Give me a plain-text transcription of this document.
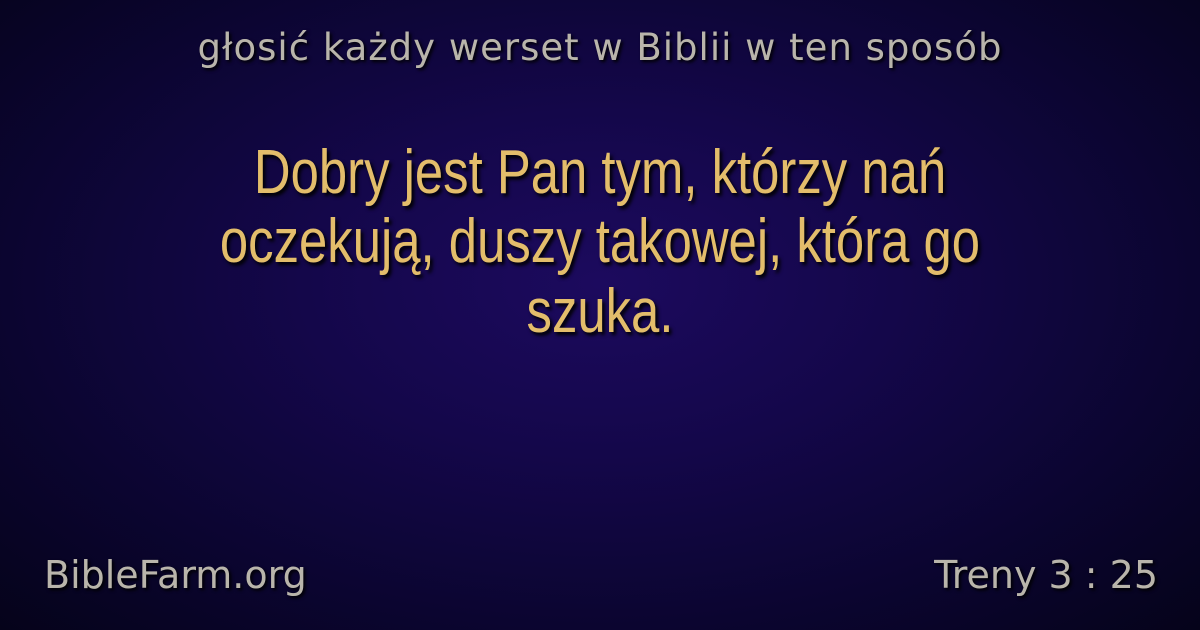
głosić każdy werset w Biblii w ten sposób
Dobry jest Pan tym, którzy nań oczekują, duszy takowej, która go szuka.
BibleFarm.org	Treny 3 : 25
